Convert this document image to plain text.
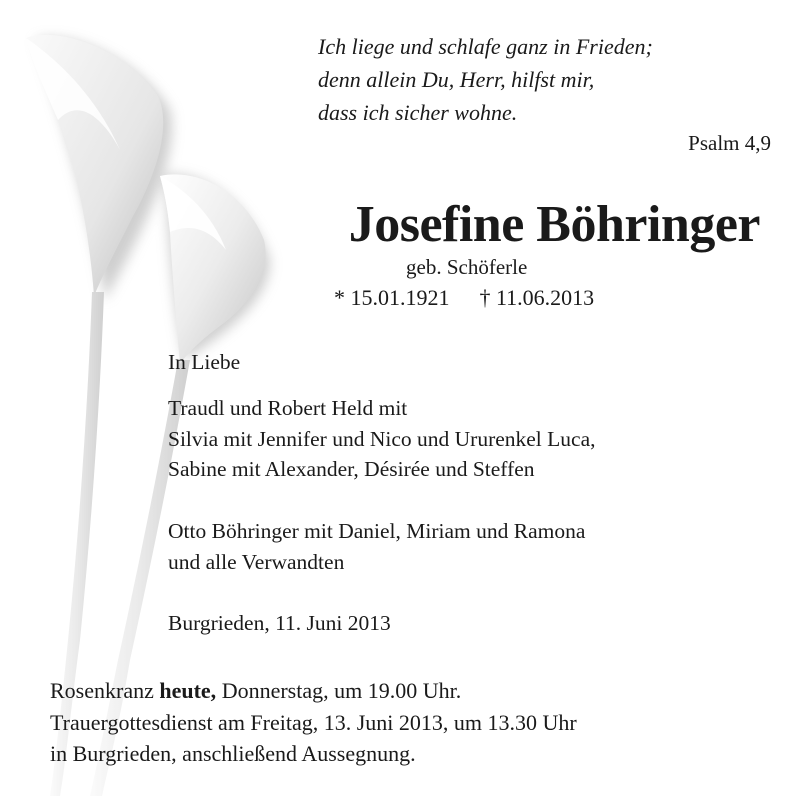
Ich liege und schlafe ganz in Frieden;
denn allein Du, Herr, hilfst mir,
dass ich sicher wohne.
Psalm 4,9
Josefine Böhringer
geb. Schöferle
* 15.01.1921 † 11.06.2013
In Liebe
Traudl und Robert Held mit
Silvia mit Jennifer und Nico und Ururenkel Luca,
Sabine mit Alexander, Désirée und Steffen
Otto Böhringer mit Daniel, Miriam und Ramona
und alle Verwandten
Burgrieden, 11. Juni 2013
Rosenkranz heute, Donnerstag, um 19.00 Uhr.
Trauergottesdienst am Freitag, 13. Juni 2013, um 13.30 Uhr
in Burgrieden, anschließend Aussegnung.
